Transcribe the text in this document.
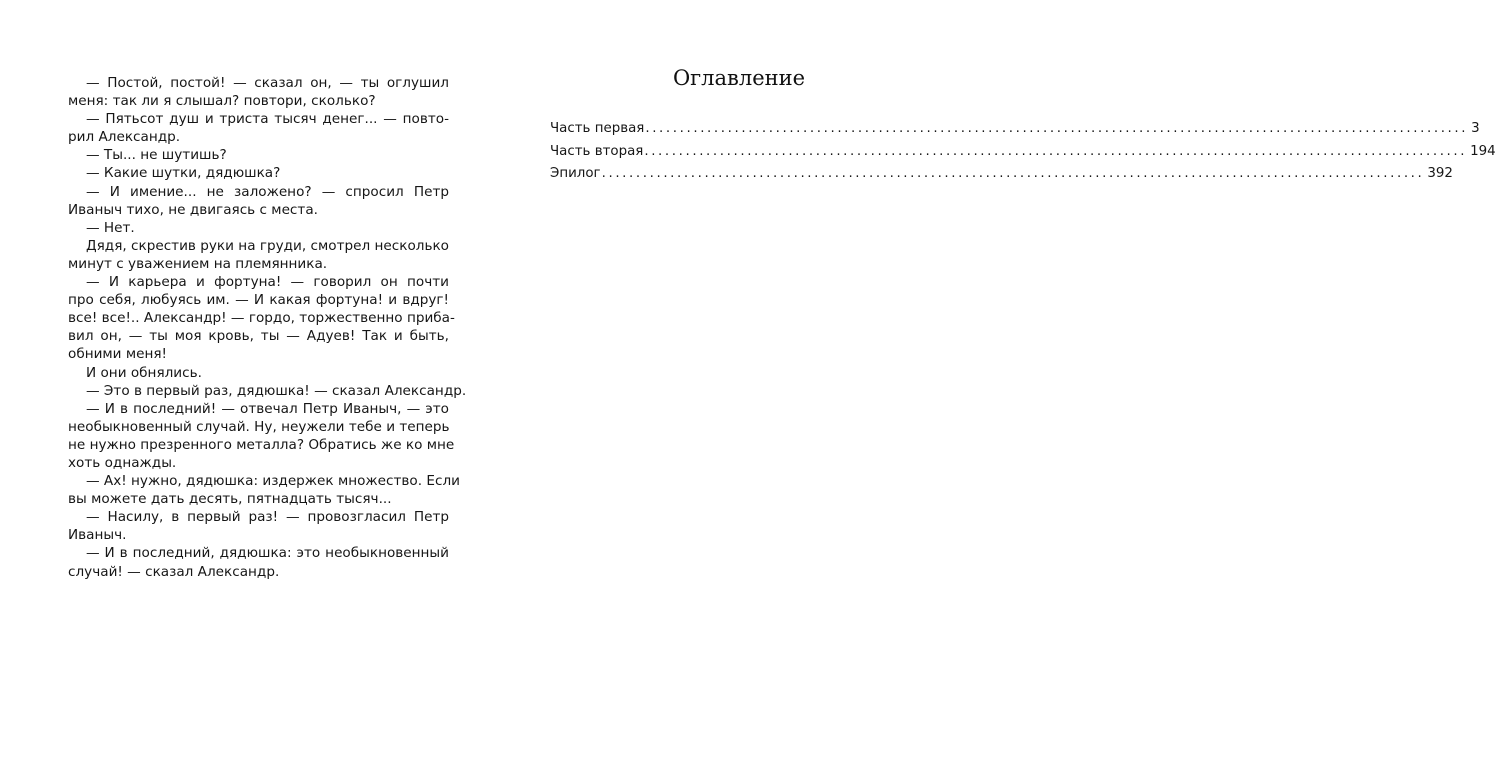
— Постой, постой! — сказал он, — ты оглушил
меня: так ли я слышал? повтори, сколько?
— Пятьсот душ и триста тысяч денег... — повто-
рил Александр.
— Ты... не шутишь?
— Какие шутки, дядюшка?
— И имение... не заложено? — спросил Петр
Иваныч тихо, не двигаясь с места.
— Нет.
Дядя, скрестив руки на груди, смотрел несколько
минут с уважением на племянника.
— И карьера и фортуна! — говорил он почти
про себя, любуясь им. — И какая фортуна! и вдруг!
все! все!.. Александр! — гордо, торжественно приба-
вил он, — ты моя кровь, ты — Адуев! Так и быть,
обними меня!
И они обнялись.
— Это в первый раз, дядюшка! — сказал Александр.
— И в последний! — отвечал Петр Иваныч, — это
необыкновенный случай. Ну, неужели тебе и теперь
не нужно презренного металла? Обратись же ко мне
хоть однажды.
— Ах! нужно, дядюшка: издержек множество. Если
вы можете дать десять, пятнадцать тысяч...
— Насилу, в первый раз! — провозгласил Петр
Иваныч.
— И в последний, дядюшка: это необыкновенный
случай! — сказал Александр.
Оглавление
Часть первая ........................................................................................................................ 3
Часть вторая ........................................................................................................................ 194
Эпилог ........................................................................................................................ 392
